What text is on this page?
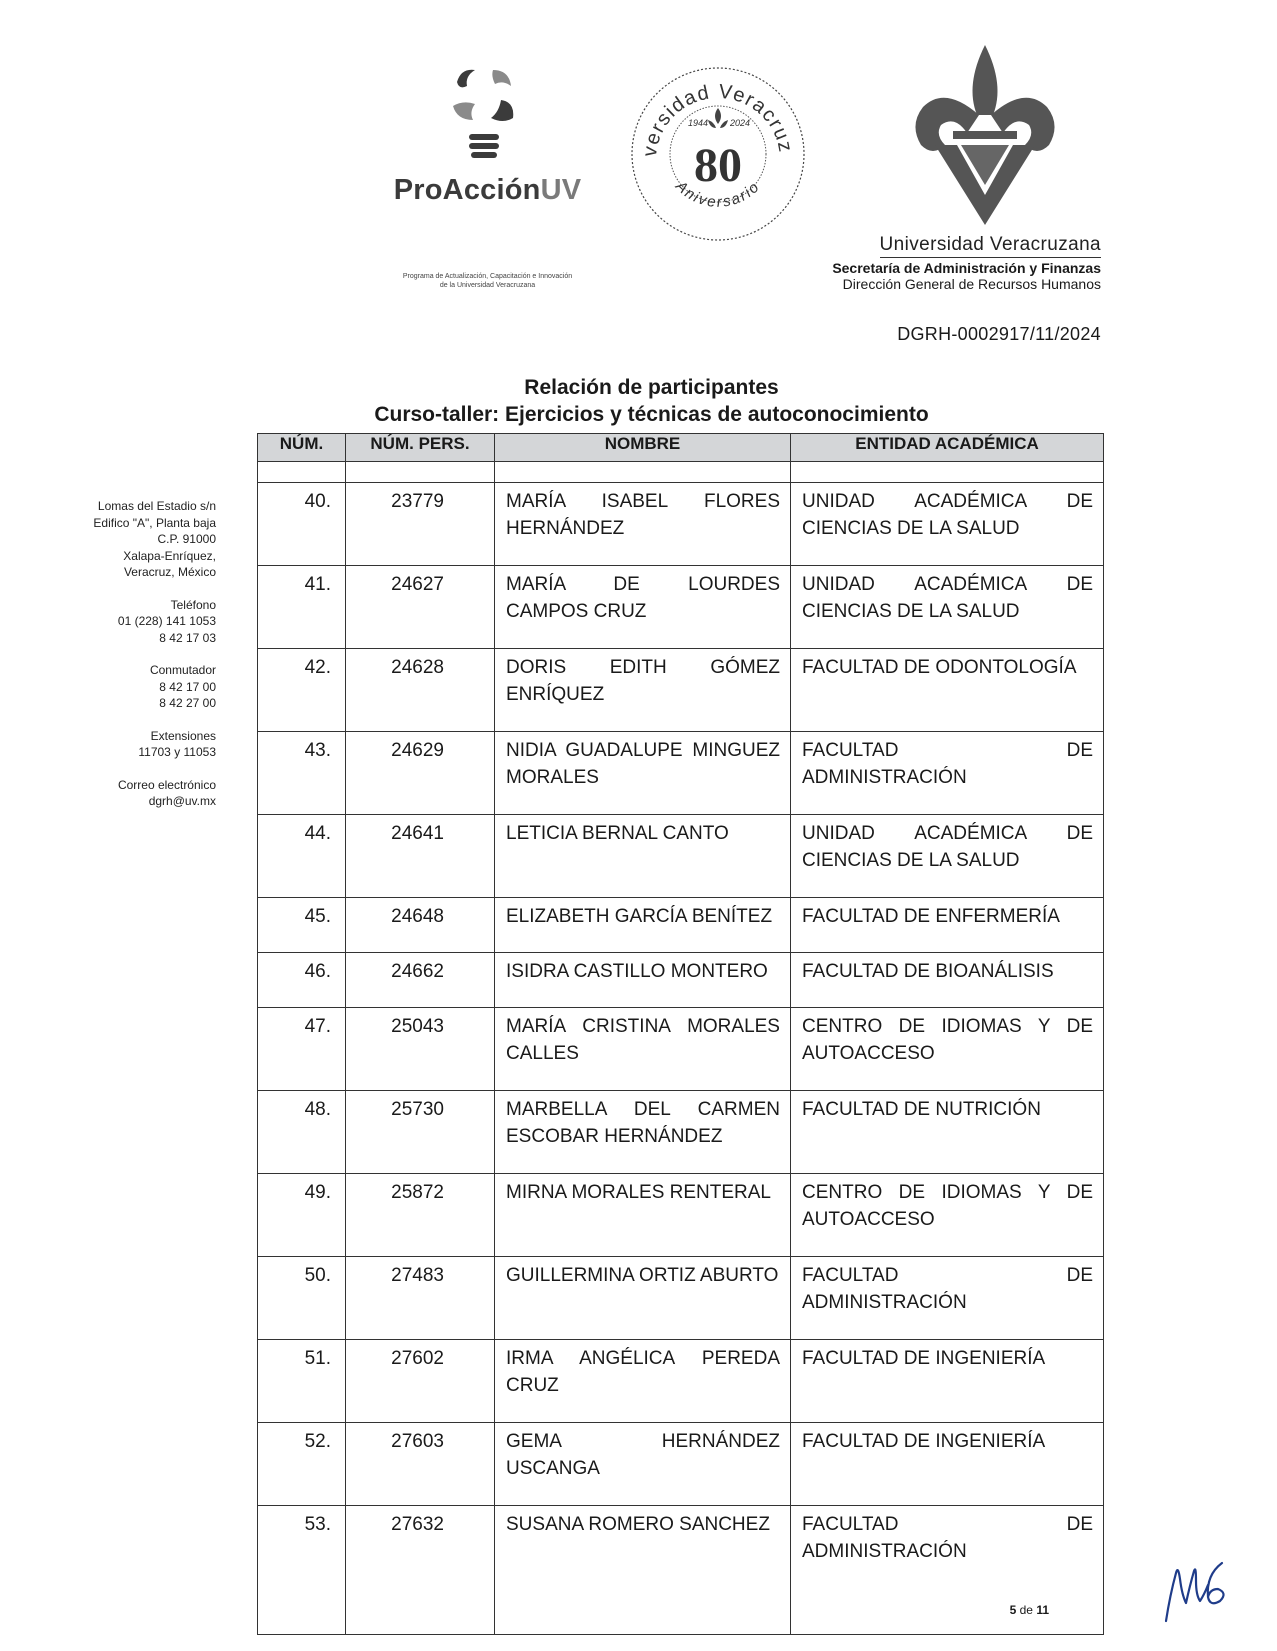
ProAcciónUV
Programa de Actualización, Capacitación e Innovación
de la Universidad Veracruzana
versidad Veracruz
Aniversario
1944 2024
80
Universidad Veracruzana
Secretaría de Administración y Finanzas
Dirección General de Recursos Humanos
DGRH-0002917/11/2024
Relación de participantes
Curso-taller: Ejercicios y técnicas de autoconocimiento
Lomas del Estadio s/n
Edifico "A", Planta baja
C.P. 91000
Xalapa-Enríquez,
Veracruz, México
Teléfono
01 (228) 141 1053
8 42 17 03
Conmutador
8 42 17 00
8 42 27 00
Extensiones
11703 y 11053
Correo electrónico
dgrh@uv.mx
NÚM.	NÚM. PERS.	NOMBRE	ENTIDAD ACADÉMICA

40.	23779	MARÍA ISABEL FLORES HERNÁNDEZ	UNIDAD ACADÉMICA DE CIENCIAS DE LA SALUD
41.	24627	MARÍA DE LOURDES CAMPOS CRUZ	UNIDAD ACADÉMICA DE CIENCIAS DE LA SALUD
42.	24628	DORIS EDITH GÓMEZ ENRÍQUEZ	FACULTAD DE ODONTOLOGÍA
43.	24629	NIDIA GUADALUPE MINGUEZ MORALES	FACULTAD DE ADMINISTRACIÓN
44.	24641	LETICIA BERNAL CANTO	UNIDAD ACADÉMICA DE CIENCIAS DE LA SALUD
45.	24648	ELIZABETH GARCÍA BENÍTEZ	FACULTAD DE ENFERMERÍA
46.	24662	ISIDRA CASTILLO MONTERO	FACULTAD DE BIOANÁLISIS
47.	25043	MARÍA CRISTINA MORALES CALLES	CENTRO DE IDIOMAS Y DE AUTOACCESO
48.	25730	MARBELLA DEL CARMEN ESCOBAR HERNÁNDEZ	FACULTAD DE NUTRICIÓN
49.	25872	MIRNA MORALES RENTERAL	CENTRO DE IDIOMAS Y DE AUTOACCESO
50.	27483	GUILLERMINA ORTIZ ABURTO	FACULTAD DE ADMINISTRACIÓN
51.	27602	IRMA ANGÉLICA PEREDA CRUZ	FACULTAD DE INGENIERÍA
52.	27603	GEMA HERNÁNDEZ USCANGA	FACULTAD DE INGENIERÍA
53.	27632	SUSANA ROMERO SANCHEZ	FACULTAD DE ADMINISTRACIÓN
5 de 11
